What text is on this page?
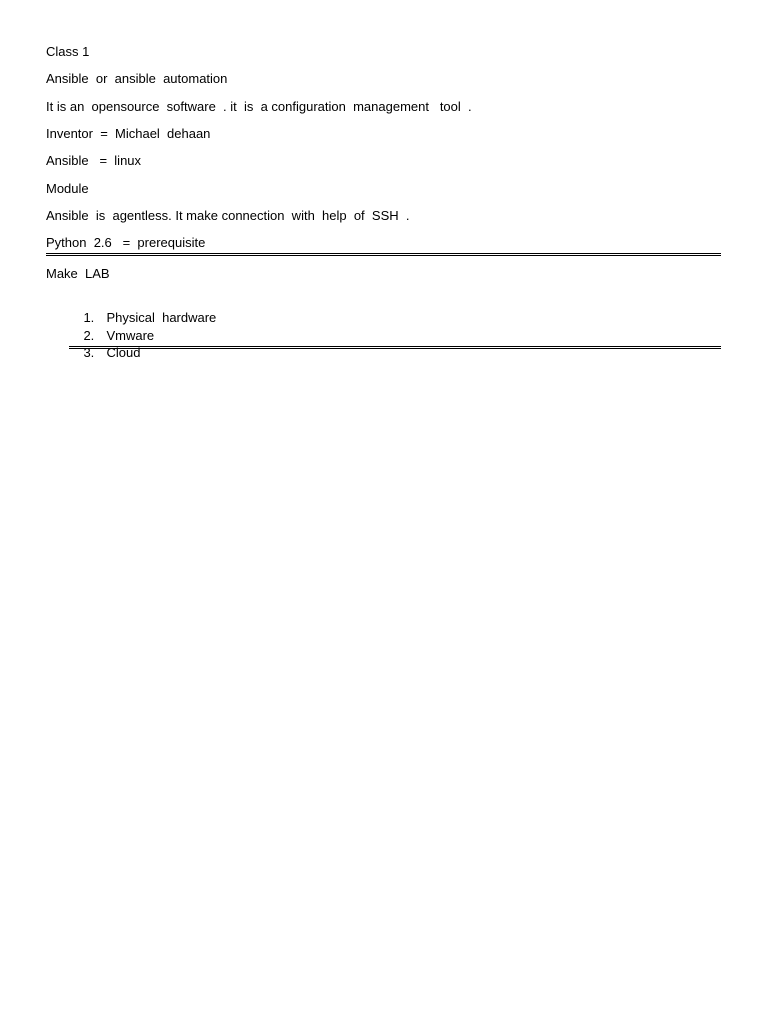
Class 1
Ansible  or  ansible  automation
It is an  opensource  software  . it  is  a configuration  management   tool  .
Inventor  =  Michael  dehaan
Ansible   =  linux
Module
Ansible  is  agentless. It make connection  with  help  of  SSH  .
Python  2.6   =  prerequisite
Make  LAB

1. Physical  hardware

2. Vmware

3. Cloud
